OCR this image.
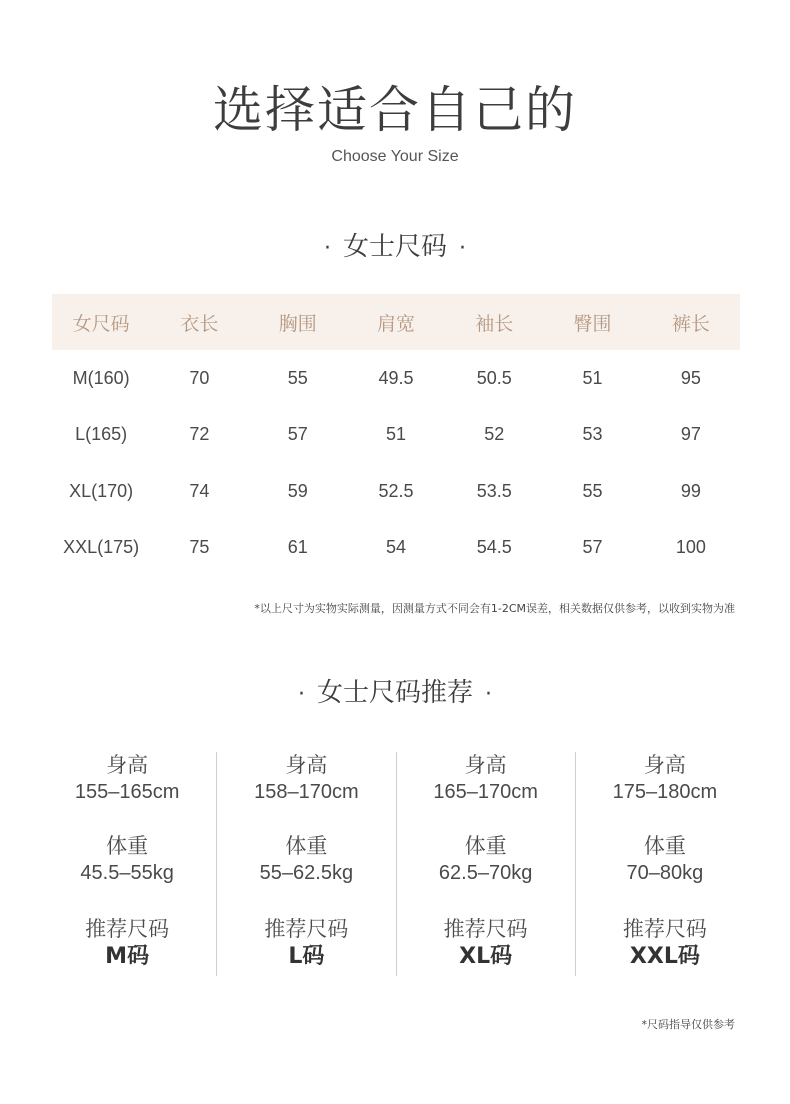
选择适合自己的
Choose Your Size
· 女士尺码 ·
女尺码	衣长	胸围	肩宽	袖长	臀围	裤长
M(160)	70	55	49.5	50.5	51	95
L(165)	72	57	51	52	53	97
XL(170)	74	59	52.5	53.5	55	99
XXL(175)	75	61	54	54.5	57	100
*以上尺寸为实物实际测量，因测量方式不同会有1-2CM误差，相关数据仅供参考，以收到实物为准
· 女士尺码推荐 ·
身高
155–165cm
体重
45.5–55kg
推荐尺码
M码
身高
158–170cm
体重
55–62.5kg
推荐尺码
L码
身高
165–170cm
体重
62.5–70kg
推荐尺码
XL码
身高
175–180cm
体重
70–80kg
推荐尺码
XXL码
*尺码指导仅供参考
